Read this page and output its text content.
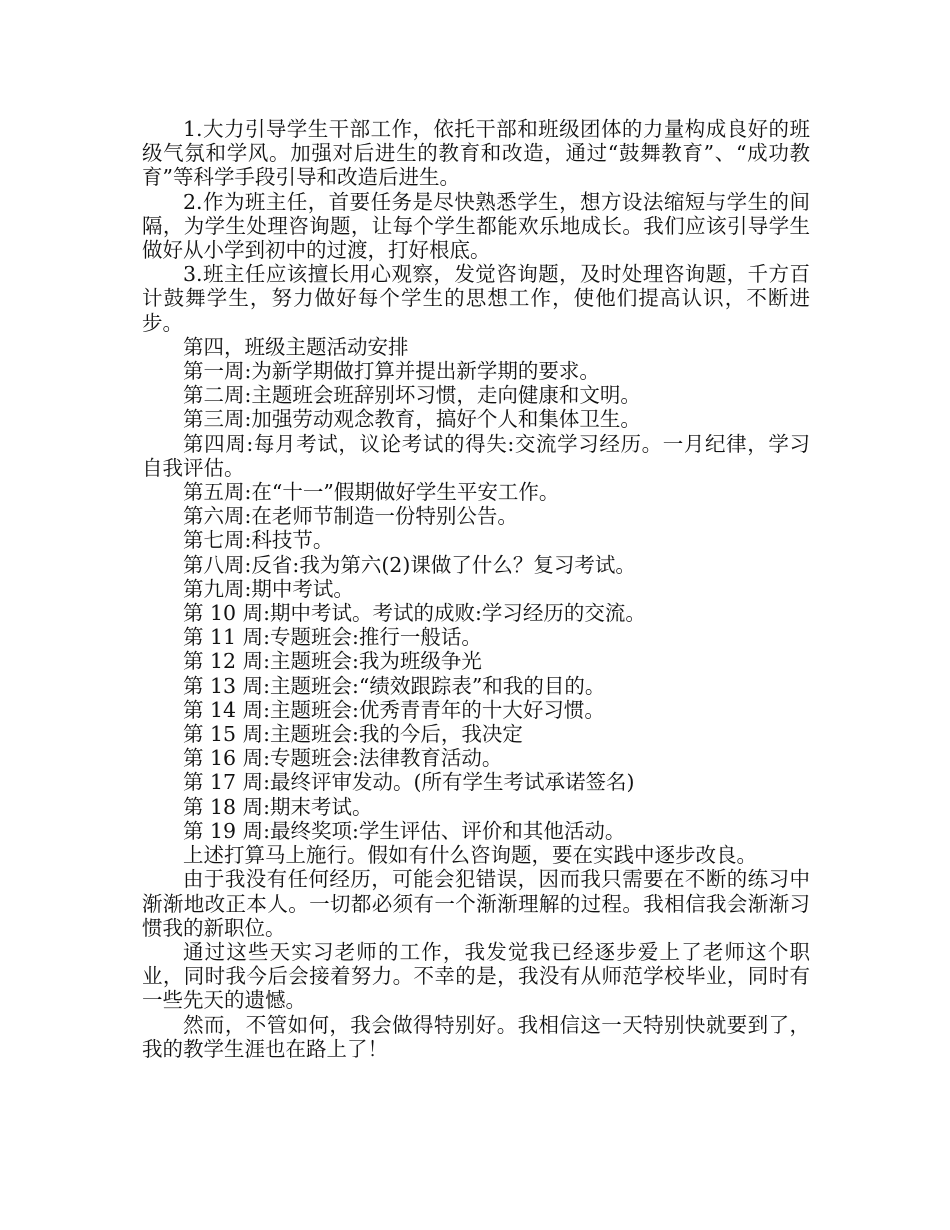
1.大力引导学生干部工作，依托干部和班级团体的力量构成良好的班级气氛和学风。加强对后进生的教育和改造，通过“鼓舞教育”、“成功教育”等科学手段引导和改造后进生。

2.作为班主任，首要任务是尽快熟悉学生，想方设法缩短与学生的间隔，为学生处理咨询题，让每个学生都能欢乐地成长。我们应该引导学生做好从小学到初中的过渡，打好根底。

3.班主任应该擅长用心观察，发觉咨询题，及时处理咨询题，千方百计鼓舞学生，努力做好每个学生的思想工作，使他们提高认识，不断进步。

第四，班级主题活动安排

第一周:为新学期做打算并提出新学期的要求。

第二周:主题班会班辞别坏习惯，走向健康和文明。

第三周:加强劳动观念教育，搞好个人和集体卫生。

第四周:每月考试，议论考试的得失:交流学习经历。一月纪律，学习自我评估。

第五周:在“十一”假期做好学生平安工作。

第六周:在老师节制造一份特别公告。

第七周:科技节。

第八周:反省:我为第六(2)课做了什么？复习考试。

第九周:期中考试。

第 10 周:期中考试。考试的成败:学习经历的交流。

第 11 周:专题班会:推行一般话。

第 12 周:主题班会:我为班级争光

第 13 周:主题班会:“绩效跟踪表”和我的目的。

第 14 周:主题班会:优秀青青年的十大好习惯。

第 15 周:主题班会:我的今后，我决定

第 16 周:专题班会:法律教育活动。

第 17 周:最终评审发动。(所有学生考试承诺签名)

第 18 周:期末考试。

第 19 周:最终奖项:学生评估、评价和其他活动。

上述打算马上施行。假如有什么咨询题，要在实践中逐步改良。

由于我没有任何经历，可能会犯错误，因而我只需要在不断的练习中渐渐地改正本人。一切都必须有一个渐渐理解的过程。我相信我会渐渐习惯我的新职位。

通过这些天实习老师的工作，我发觉我已经逐步爱上了老师这个职业，同时我今后会接着努力。不幸的是，我没有从师范学校毕业，同时有一些先天的遗憾。

然而，不管如何，我会做得特别好。我相信这一天特别快就要到了，我的教学生涯也在路上了！
